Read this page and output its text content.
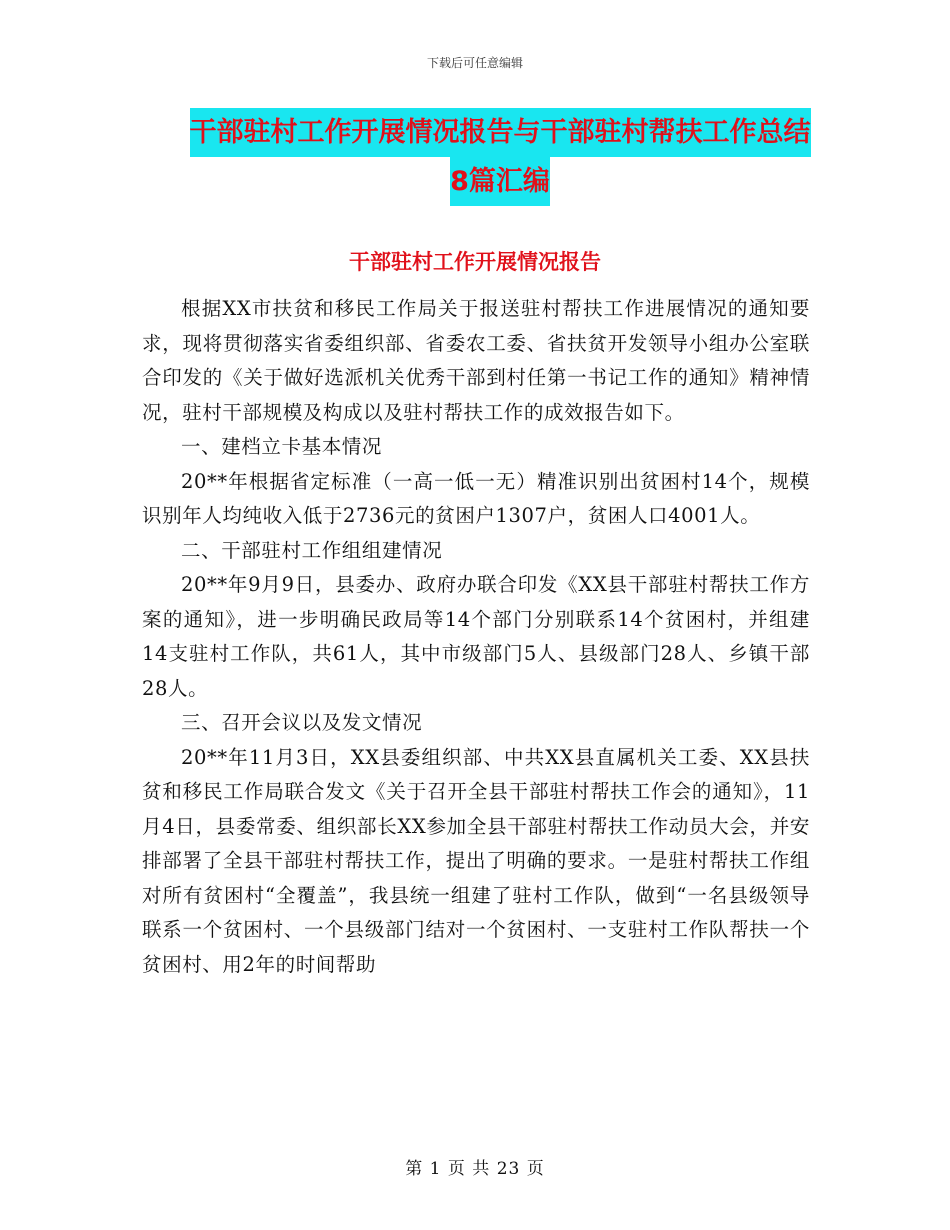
下载后可任意编辑
干部驻村工作开展情况报告与干部驻村帮扶工作总结
8篇汇编
干部驻村工作开展情况报告

根据XX市扶贫和移民工作局关于报送驻村帮扶工作进展情况的通知要求，现将贯彻落实省委组织部、省委农工委、省扶贫开发领导小组办公室联合印发的《关于做好选派机关优秀干部到村任第一书记工作的通知》精神情况，驻村干部规模及构成以及驻村帮扶工作的成效报告如下。

一、建档立卡基本情况

20**年根据省定标准（一高一低一无）精准识别出贫困村14个，规模识别年人均纯收入低于2736元的贫困户1307户，贫困人口4001人。

二、干部驻村工作组组建情况

20**年9月9日，县委办、政府办联合印发《XX县干部驻村帮扶工作方案的通知》，进一步明确民政局等14个部门分别联系14个贫困村，并组建14支驻村工作队，共61人，其中市级部门5人、县级部门28人、乡镇干部28人。

三、召开会议以及发文情况

20**年11月3日，XX县委组织部、中共XX县直属机关工委、XX县扶贫和移民工作局联合发文《关于召开全县干部驻村帮扶工作会的通知》，11月4日，县委常委、组织部长XX参加全县干部驻村帮扶工作动员大会，并安排部署了全县干部驻村帮扶工作，提出了明确的要求。一是驻村帮扶工作组对所有贫困村“全覆盖”，我县统一组建了驻村工作队，做到“一名县级领导联系一个贫困村、一个县级部门结对一个贫困村、一支驻村工作队帮扶一个贫困村、用2年的时间帮助

第 1 页 共 23 页
